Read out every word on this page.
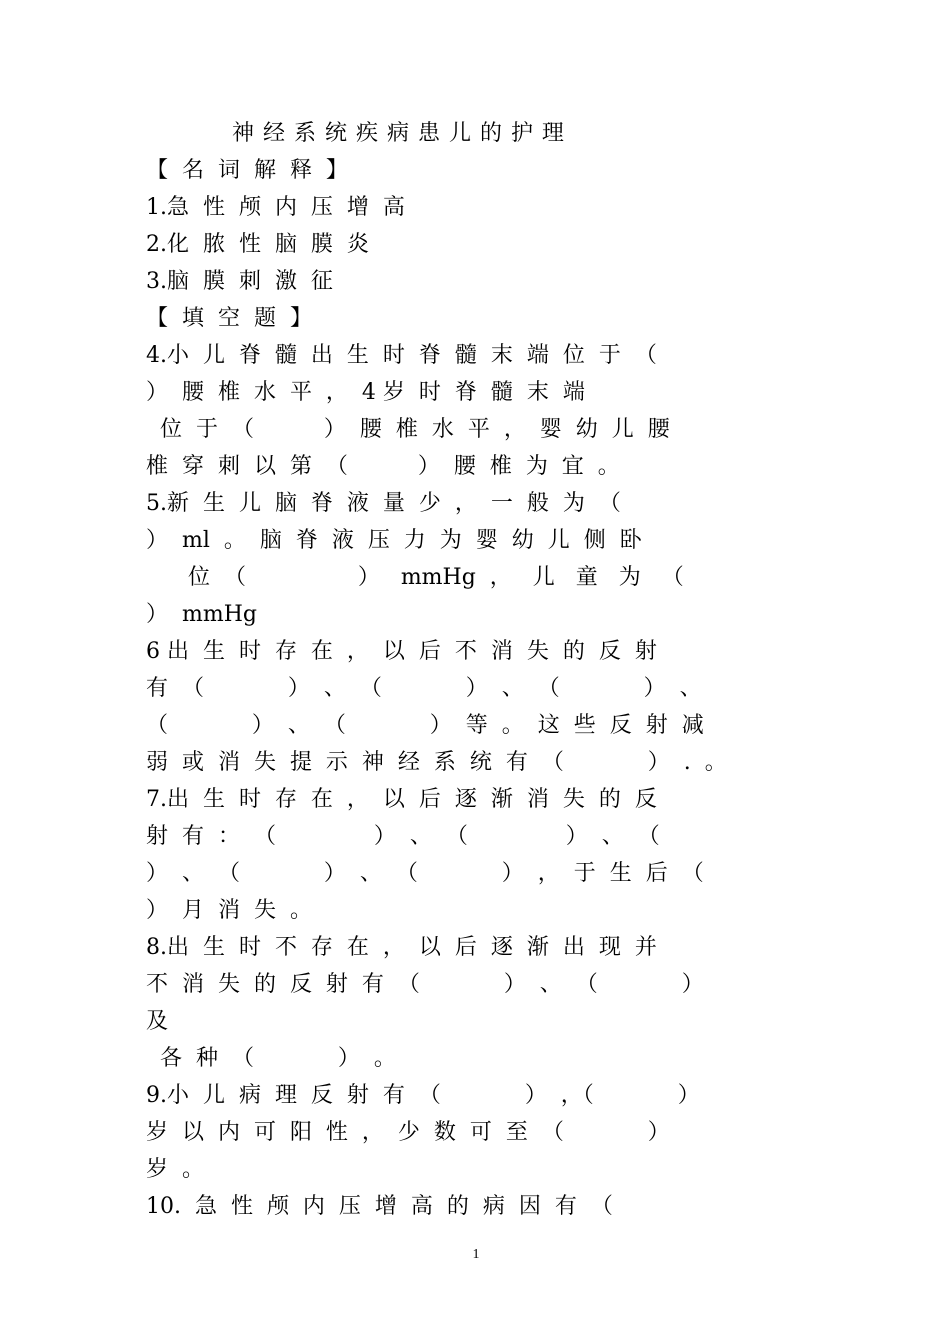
神 经 系 统 疾 病 患 儿 的 护 理
【  名  词  解  释  】
1.急  性  颅  内  压  增  高
2.化  脓  性  脑  膜  炎
3.脑  膜  刺  激  征
【  填  空  题  】
4.小  儿  脊  髓  出  生  时  脊  髓  末  端  位  于  （
）  腰  椎  水  平  ，  4 岁  时  脊  髓  末  端
位  于  （          ）  腰  椎  水  平  ，  婴  幼  儿  腰
椎  穿  刺  以  第  （          ）  腰  椎  为  宜  。
5.新  生  儿  脑  脊  液  量  少  ，  一  般  为  （
）  ml  。  脑  脊  液  压  力  为  婴  幼  儿  侧  卧
位  （                ）   mmHg  ，   儿   童   为   （
）  mmHg
6 出  生  时  存  在  ，  以  后  不  消  失  的  反  射
有  （            ）  、  （            ）  、  （            ）  、
（            ）  、  （            ）  等  。  这  些  反  射  减
弱  或  消  失  提  示  神  经  系  统  有  （            ）  .  。
7.出  生  时  存  在  ，  以  后  逐  渐  消  失  的  反
射  有  ：  （              ）  、  （              ）  、  （
）  、  （            ）  、  （            ）  ，  于  生  后  （
）  月  消  失  。
8.出  生  时  不  存  在  ，  以  后  逐  渐  出  现  并
不  消  失  的  反  射  有  （            ）  、  （            ）
及
各  种  （            ）  。
9.小  儿  病  理  反  射  有  （            ）  ，（            ）
岁  以  内  可  阳  性  ，  少  数  可  至  （            ）
岁  。
10.  急  性  颅  内  压  增  高  的  病  因  有  （
1
